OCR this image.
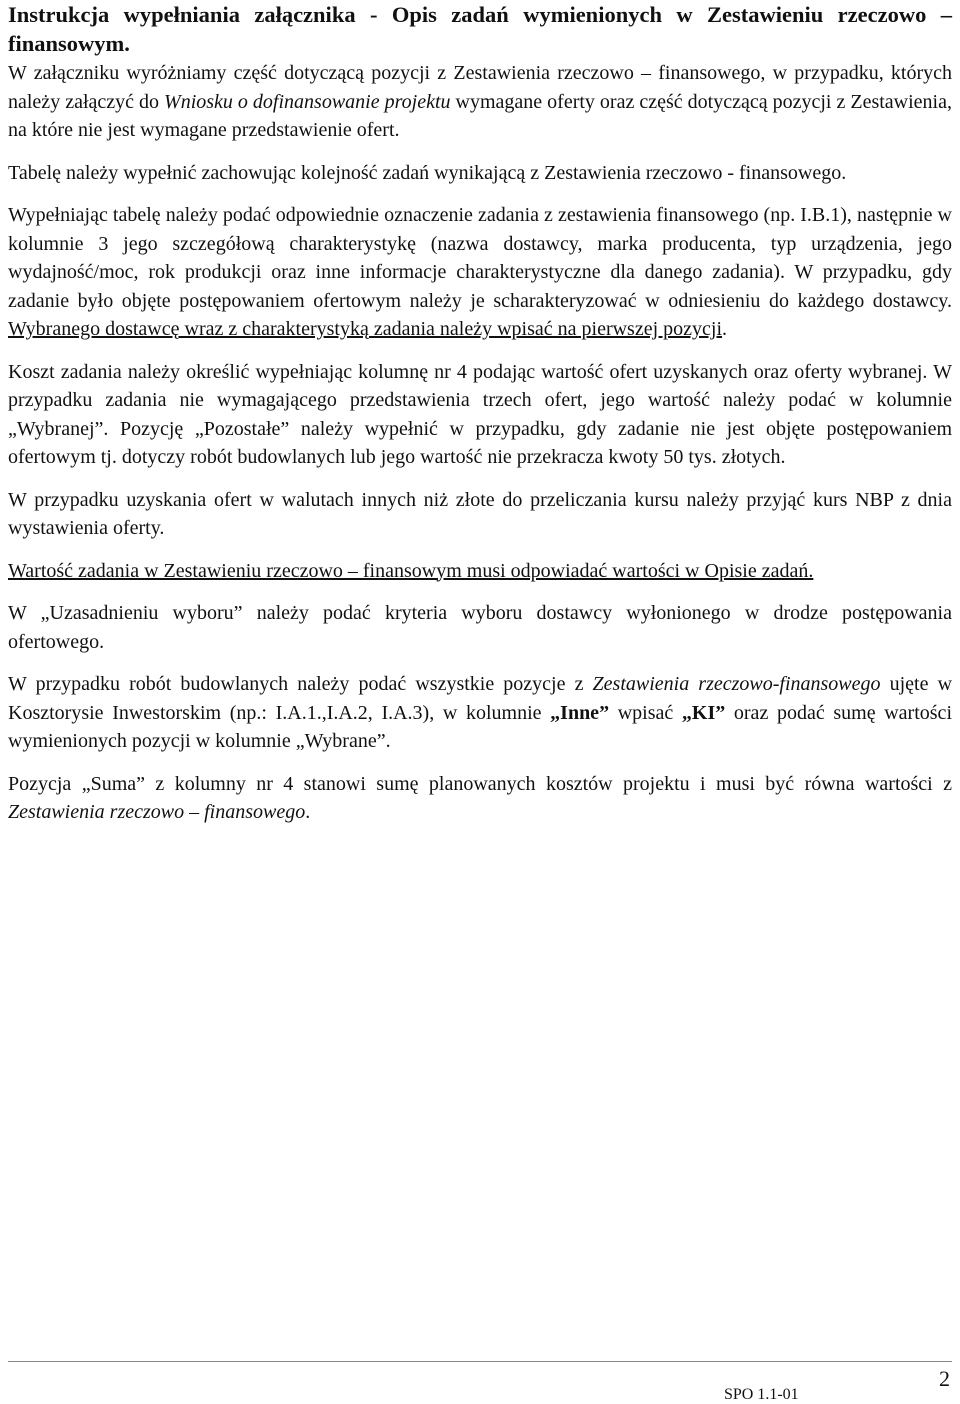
Instrukcja wypełniania załącznika - Opis zadań wymienionych w Zestawieniu rzeczowo – finansowym.

W załączniku wyróżniamy część dotyczącą pozycji z Zestawienia rzeczowo – finansowego, w przypadku, których należy załączyć do Wniosku o dofinansowanie projektu wymagane oferty oraz część dotyczącą pozycji z Zestawienia, na które nie jest wymagane przedstawienie ofert.

Tabelę należy wypełnić zachowując kolejność zadań wynikającą z Zestawienia rzeczowo - finansowego.

Wypełniając tabelę należy podać odpowiednie oznaczenie zadania z zestawienia finansowego (np. I.B.1), następnie w kolumnie 3 jego szczegółową charakterystykę (nazwa dostawcy, marka producenta, typ urządzenia, jego wydajność/moc, rok produkcji oraz inne informacje charakterystyczne dla danego zadania). W przypadku, gdy zadanie było objęte postępowaniem ofertowym należy je scharakteryzować w odniesieniu do każdego dostawcy. Wybranego dostawcę wraz z charakterystyką zadania należy wpisać na pierwszej pozycji.

Koszt zadania należy określić wypełniając kolumnę nr 4 podając wartość ofert uzyskanych oraz oferty wybranej. W przypadku zadania nie wymagającego przedstawienia trzech ofert, jego wartość należy podać w kolumnie „Wybranej”. Pozycję „Pozostałe” należy wypełnić w przypadku, gdy zadanie nie jest objęte postępowaniem ofertowym tj. dotyczy robót budowlanych lub jego wartość nie przekracza kwoty 50 tys. złotych.

W przypadku uzyskania ofert w walutach innych niż złote do przeliczania kursu należy przyjąć kurs NBP z dnia wystawienia oferty.

Wartość zadania w Zestawieniu rzeczowo – finansowym musi odpowiadać wartości w Opisie zadań.

W „Uzasadnieniu wyboru” należy podać kryteria wyboru dostawcy wyłonionego w drodze postępowania ofertowego.

W przypadku robót budowlanych należy podać wszystkie pozycje z Zestawienia rzeczowo-finansowego ujęte w Kosztorysie Inwestorskim (np.: I.A.1.,I.A.2, I.A.3), w kolumnie „Inne” wpisać „KI” oraz podać sumę wartości wymienionych pozycji w kolumnie „Wybrane”.

Pozycja „Suma” z kolumny nr 4 stanowi sumę planowanych kosztów projektu i musi być równa wartości z Zestawienia rzeczowo – finansowego.

2
SPO 1.1-01
